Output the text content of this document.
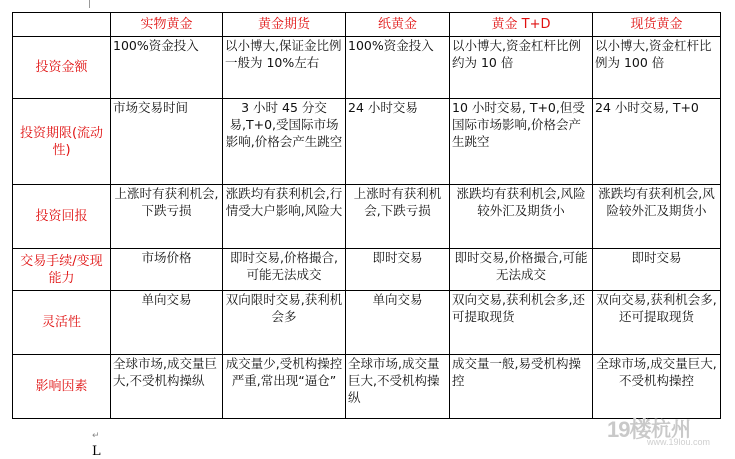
	实物黄金	黄金期货	纸黄金	黄金 T+D	现货黄金
投资金额	100%资金投入	以小博大,保证金比例一般为 10%左右	100%资金投入	以小博大,资金杠杆比例约为 10 倍	以小博大,资金杠杆比例为 100 倍
投资期限(流动性)	市场交易时间	3 小时 45 分交易,T+0,受国际市场影响,价格会产生跳空	24 小时交易	10 小时交易, T+0,但受国际市场影响,价格会产生跳空	24 小时交易, T+0
投资回报	上涨时有获利机会,下跌亏损	涨跌均有获利机会,行情受大户影响,风险大	上涨时有获利机会,下跌亏损	涨跌均有获利机会,风险较外汇及期货小	涨跌均有获利机会,风险较外汇及期货小
交易手续/变现能力	市场价格	即时交易,价格撮合,可能无法成交	即时交易	即时交易,价格撮合,可能无法成交	即时交易
灵活性	单向交易	双向限时交易,获利机会多	单向交易	双向交易,获利机会多,还可提取现货	双向交易,获利机会多,还可提取现货
影响因素	全球市场,成交量巨大,不受机构操纵	成交量少,受机构操控严重,常出现“逼仓”	全球市场,成交量巨大,不受机构操纵	成交量一般,易受机构操控	全球市场,成交量巨大,不受机构操控
19楼 杭州
www.19lou.com
↵
L
